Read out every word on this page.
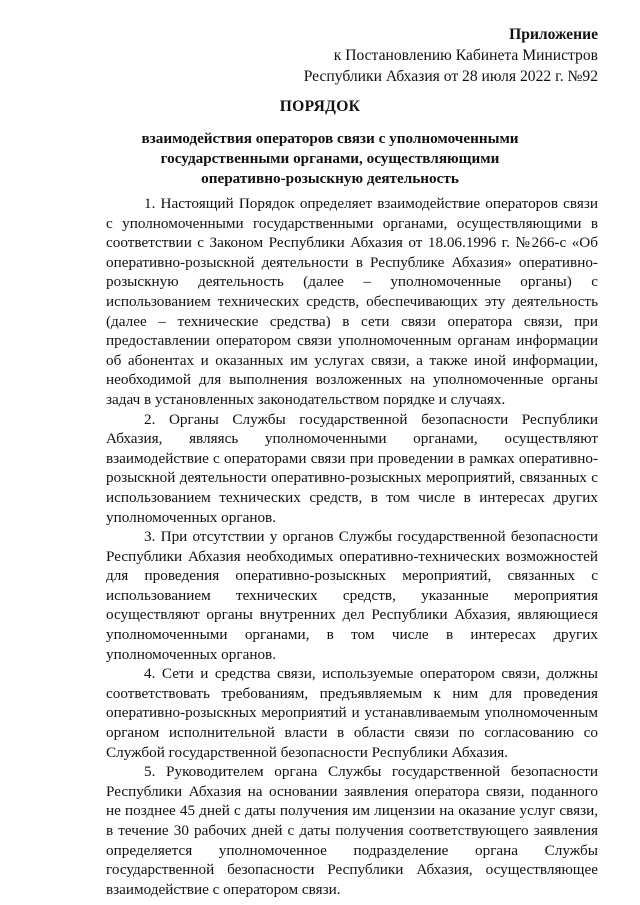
Приложение
к Постановлению Кабинета Министров
Республики Абхазия от 28 июля 2022 г. №92
ПОРЯДОК
взаимодействия операторов связи с уполномоченными
государственными органами, осуществляющими
оперативно-розыскную деятельность

1. Настоящий Порядок определяет взаимодействие операторов связи с уполномоченными государственными органами, осуществляющими в соответствии с Законом Республики Абхазия от 18.06.1996 г. №266-с «Об оперативно-розыскной деятельности в Республике Абхазия» оперативно-розыскную деятельность (далее – уполномоченные органы) с использованием технических средств, обеспечивающих эту деятельность (далее – технические средства) в сети связи оператора связи, при предоставлении оператором связи уполномоченным органам информации об абонентах и оказанных им услугах связи, а также иной информации, необходимой для выполнения возложенных на уполномоченные органы задач в установленных законодательством порядке и случаях.

2. Органы Службы государственной безопасности Республики Абхазия, являясь уполномоченными органами, осуществляют взаимодействие с операторами связи при проведении в рамках оперативно-розыскной деятельности оперативно-розыскных мероприятий, связанных с использованием технических средств, в том числе в интересах других уполномоченных органов.

3. При отсутствии у органов Службы государственной безопасности Республики Абхазия необходимых оперативно-технических возможностей для проведения оперативно-розыскных мероприятий, связанных с использованием технических средств, указанные мероприятия осуществляют органы внутренних дел Республики Абхазия, являющиеся уполномоченными органами, в том числе в интересах других уполномоченных органов.

4. Сети и средства связи, используемые оператором связи, должны соответствовать требованиям, предъявляемым к ним для проведения оперативно-розыскных мероприятий и устанавливаемым уполномоченным органом исполнительной власти в области связи по согласованию со Службой государственной безопасности Республики Абхазия.

5. Руководителем органа Службы государственной безопасности Республики Абхазия на основании заявления оператора связи, поданного не позднее 45 дней с даты получения им лицензии на оказание услуг связи, в течение 30 рабочих дней с даты получения соответствующего заявления определяется уполномоченное подразделение органа Службы государственной безопасности Республики Абхазия, осуществляющее взаимодействие с оператором связи.
